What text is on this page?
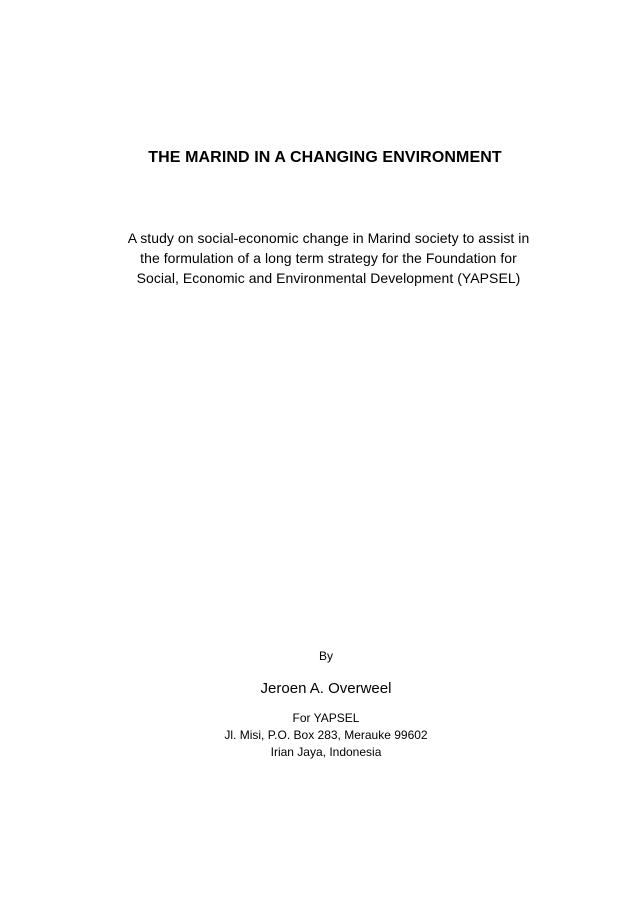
THE MARIND IN A CHANGING ENVIRONMENT
A study on social-economic change in Marind society to assist in
the formulation of a long term strategy for the Foundation for
Social, Economic and Environmental Development (YAPSEL)
By
Jeroen A. Overweel
For YAPSEL
Jl. Misi, P.O. Box 283, Merauke 99602
Irian Jaya, Indonesia
